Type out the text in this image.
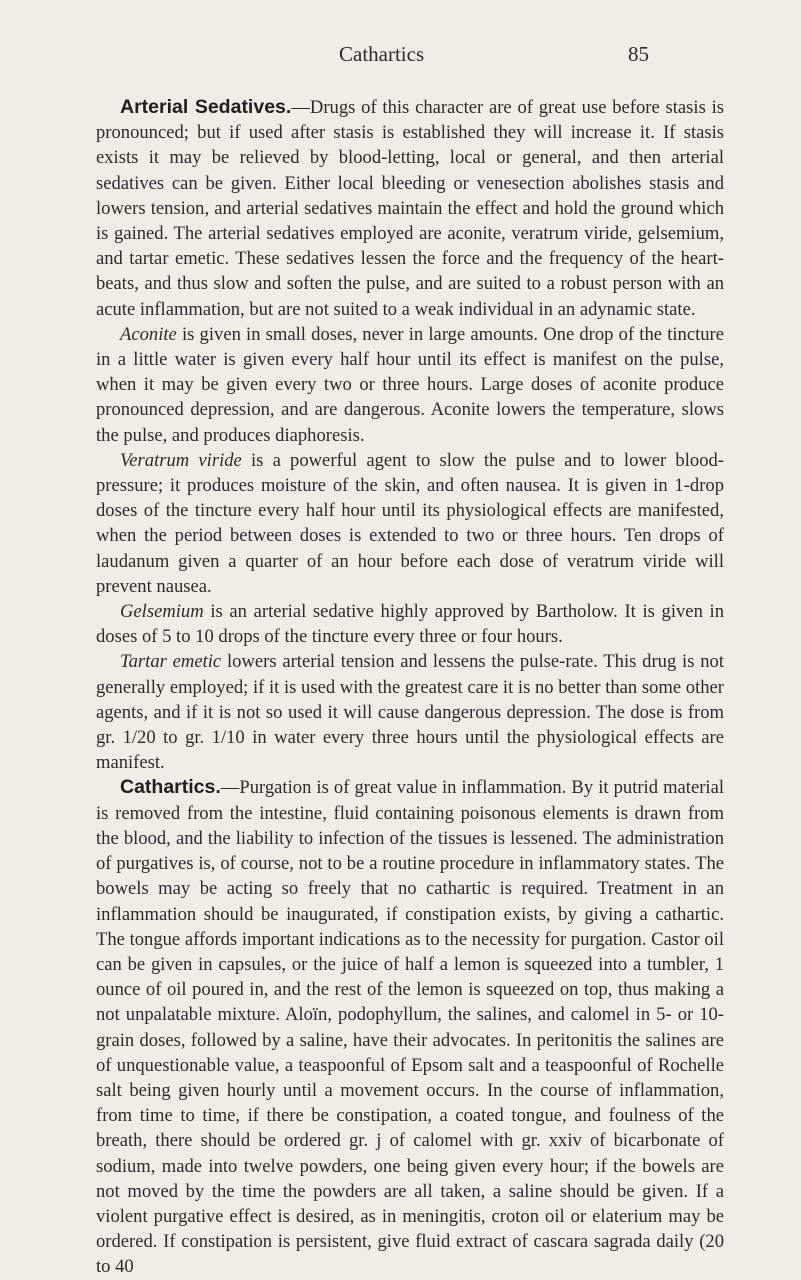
Cathartics	85

Arterial Sedatives.—Drugs of this character are of great use before stasis is pronounced; but if used after stasis is established they will increase it. If stasis exists it may be relieved by blood-letting, local or general, and then arterial sedatives can be given. Either local bleeding or venesection abolishes stasis and lowers tension, and arterial sedatives maintain the effect and hold the ground which is gained. The arterial sedatives employed are aconite, veratrum viride, gelsemium, and tartar emetic. These sedatives lessen the force and the frequency of the heart-beats, and thus slow and soften the pulse, and are suited to a robust person with an acute inflammation, but are not suited to a weak individual in an adynamic state.

Aconite is given in small doses, never in large amounts. One drop of the tincture in a little water is given every half hour until its effect is manifest on the pulse, when it may be given every two or three hours. Large doses of aconite produce pronounced depression, and are dangerous. Aconite lowers the temperature, slows the pulse, and produces diaphoresis.

Veratrum viride is a powerful agent to slow the pulse and to lower blood-pressure; it produces moisture of the skin, and often nausea. It is given in 1-drop doses of the tincture every half hour until its physiological effects are manifested, when the period between doses is extended to two or three hours. Ten drops of laudanum given a quarter of an hour before each dose of veratrum viride will prevent nausea.

Gelsemium is an arterial sedative highly approved by Bartholow. It is given in doses of 5 to 10 drops of the tincture every three or four hours.

Tartar emetic lowers arterial tension and lessens the pulse-rate. This drug is not generally employed; if it is used with the greatest care it is no better than some other agents, and if it is not so used it will cause dangerous depression. The dose is from gr. 1/20 to gr. 1/10 in water every three hours until the physiological effects are manifest.

Cathartics.—Purgation is of great value in inflammation. By it putrid material is removed from the intestine, fluid containing poisonous elements is drawn from the blood, and the liability to infection of the tissues is lessened. The administration of purgatives is, of course, not to be a routine procedure in inflammatory states. The bowels may be acting so freely that no cathartic is required. Treatment in an inflammation should be inaugurated, if constipation exists, by giving a cathartic. The tongue affords important indications as to the necessity for purgation. Castor oil can be given in capsules, or the juice of half a lemon is squeezed into a tumbler, 1 ounce of oil poured in, and the rest of the lemon is squeezed on top, thus making a not unpalatable mixture. Aloïn, podophyllum, the salines, and calomel in 5- or 10-grain doses, followed by a saline, have their advocates. In peritonitis the salines are of unquestionable value, a teaspoonful of Epsom salt and a teaspoonful of Rochelle salt being given hourly until a movement occurs. In the course of inflammation, from time to time, if there be constipation, a coated tongue, and foulness of the breath, there should be ordered gr. j of calomel with gr. xxiv of bicarbonate of sodium, made into twelve powders, one being given every hour; if the bowels are not moved by the time the powders are all taken, a saline should be given. If a violent purgative effect is desired, as in meningitis, croton oil or elaterium may be ordered. If constipation is persistent, give fluid extract of cascara sagrada daily (20 to 40
